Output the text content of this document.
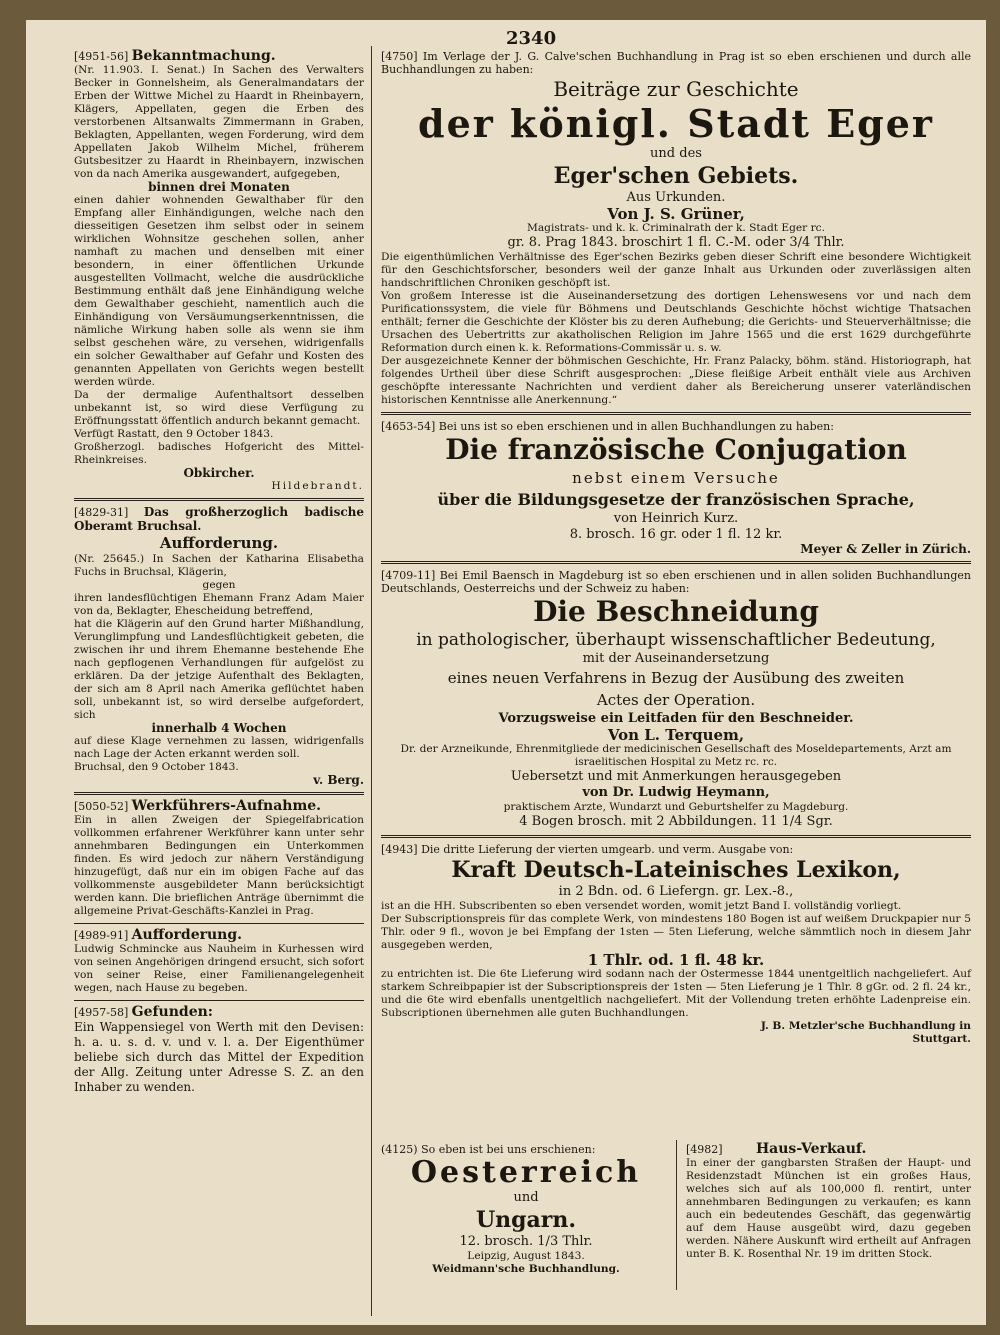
2340

[4951-56] Bekanntmachung.

(Nr. 11.903. I. Senat.) In Sachen des Verwalters Becker in Gonnelsheim, als Generalmandatars der Erben der Wittwe Michel zu Haardt in Rheinbayern, Klägers, Appellaten, gegen die Erben des verstorbenen Altsanwalts Zimmermann in Graben, Beklagten, Appellanten, wegen Forderung, wird dem Appellaten Jakob Wilhelm Michel, früherem Gutsbesitzer zu Haardt in Rheinbayern, inzwischen von da nach Amerika ausgewandert, aufgegeben,

binnen drei Monaten

einen dahier wohnenden Gewalthaber für den Empfang aller Einhändigungen, welche nach den diesseitigen Gesetzen ihm selbst oder in seinem wirklichen Wohnsitze geschehen sollen, anher namhaft zu machen und denselben mit einer besondern, in einer öffentlichen Urkunde ausgestellten Vollmacht, welche die ausdrückliche Bestimmung enthält daß jene Einhändigung welche dem Gewalthaber geschieht, namentlich auch die Einhändigung von Versäumungserkenntnissen, die nämliche Wirkung haben solle als wenn sie ihm selbst geschehen wäre, zu versehen, widrigenfalls ein solcher Gewalthaber auf Gefahr und Kosten des genannten Appellaten von Gerichts wegen bestellt werden würde.

Da der dermalige Aufenthaltsort desselben unbekannt ist, so wird diese Verfügung zu Eröffnungsstatt öffentlich andurch bekannt gemacht.

Verfügt Rastatt, den 9 October 1843.

Großherzogl. badisches Hofgericht des Mittel-Rheinkreises.

Obkircher.

Hildebrandt.

[4829-31] Das großherzoglich badische Oberamt Bruchsal.

Aufforderung.

(Nr. 25645.) In Sachen der Katharina Elisabetha Fuchs in Bruchsal, Klägerin,

gegen

ihren landesflüchtigen Ehemann Franz Adam Maier von da, Beklagter, Ehescheidung betreffend,

hat die Klägerin auf den Grund harter Mißhandlung, Verunglimpfung und Landesflüchtigkeit gebeten, die zwischen ihr und ihrem Ehemanne bestehende Ehe nach gepflogenen Verhandlungen für aufgelöst zu erklären. Da der jetzige Aufenthalt des Beklagten, der sich am 8 April nach Amerika geflüchtet haben soll, unbekannt ist, so wird derselbe aufgefordert, sich

innerhalb 4 Wochen

auf diese Klage vernehmen zu lassen, widrigenfalls nach Lage der Acten erkannt werden soll.

Bruchsal, den 9 October 1843.

v. Berg.

[5050-52] Werkführers-Aufnahme.

Ein in allen Zweigen der Spiegelfabrication vollkommen erfahrener Werkführer kann unter sehr annehmbaren Bedingungen ein Unterkommen finden. Es wird jedoch zur nähern Verständigung hinzugefügt, daß nur ein im obigen Fache auf das vollkommenste ausgebildeter Mann berücksichtigt werden kann. Die brieflichen Anträge übernimmt die allgemeine Privat-Geschäfts-Kanzlei in Prag.

[4989-91] Aufforderung.

Ludwig Schmincke aus Nauheim in Kurhessen wird von seinen Angehörigen dringend ersucht, sich sofort von seiner Reise, einer Familienangelegenheit wegen, nach Hause zu begeben.

[4957-58] Gefunden:

Ein Wappensiegel von Werth mit den Devisen: h. a. u. s. d. v. und v. l. a. Der Eigenthümer beliebe sich durch das Mittel der Expedition der Allg. Zeitung unter Adresse S. Z. an den Inhaber zu wenden.

[4750] Im Verlage der J. G. Calve'schen Buchhandlung in Prag ist so eben erschienen und durch alle Buchhandlungen zu haben:

Beiträge zur Geschichte

der königl. Stadt Eger

und des

Eger'schen Gebiets.

Aus Urkunden.

Von J. S. Grüner,

Magistrats- und k. k. Criminalrath der k. Stadt Eger rc.

gr. 8. Prag 1843. broschirt 1 fl. C.-M. oder 3/4 Thlr.

Die eigenthümlichen Verhältnisse des Eger'schen Bezirks geben dieser Schrift eine besondere Wichtigkeit für den Geschichtsforscher, besonders weil der ganze Inhalt aus Urkunden oder zuverlässigen alten handschriftlichen Chroniken geschöpft ist.

Von großem Interesse ist die Auseinandersetzung des dortigen Lehenswesens vor und nach dem Purificationssystem, die viele für Böhmens und Deutschlands Geschichte höchst wichtige Thatsachen enthält; ferner die Geschichte der Klöster bis zu deren Aufhebung; die Gerichts- und Steuerverhältnisse; die Ursachen des Uebertritts zur akatholischen Religion im Jahre 1565 und die erst 1629 durchgeführte Reformation durch einen k. k. Reformations-Commissär u. s. w.

Der ausgezeichnete Kenner der böhmischen Geschichte, Hr. Franz Palacky, böhm. ständ. Historiograph, hat folgendes Urtheil über diese Schrift ausgesprochen: „Diese fleißige Arbeit enthält viele aus Archiven geschöpfte interessante Nachrichten und verdient daher als Bereicherung unserer vaterländischen historischen Kenntnisse alle Anerkennung.“

[4653-54] Bei uns ist so eben erschienen und in allen Buchhandlungen zu haben:

Die französische Conjugation

nebst einem Versuche

über die Bildungsgesetze der französischen Sprache,

von Heinrich Kurz.

8. brosch. 16 gr. oder 1 fl. 12 kr.

Meyer & Zeller in Zürich.

[4709-11] Bei Emil Baensch in Magdeburg ist so eben erschienen und in allen soliden Buchhandlungen Deutschlands, Oesterreichs und der Schweiz zu haben:

Die Beschneidung

in pathologischer, überhaupt wissenschaftlicher Bedeutung,

mit der Auseinandersetzung

eines neuen Verfahrens in Bezug der Ausübung des zweiten

Actes der Operation.

Vorzugsweise ein Leitfaden für den Beschneider.

Von L. Terquem,

Dr. der Arzneikunde, Ehrenmitgliede der medicinischen Gesellschaft des Moseldepartements, Arzt am israelitischen Hospital zu Metz rc. rc.

Uebersetzt und mit Anmerkungen herausgegeben

von Dr. Ludwig Heymann,

praktischem Arzte, Wundarzt und Geburtshelfer zu Magdeburg.

4 Bogen brosch. mit 2 Abbildungen. 11 1/4 Sgr.

[4943] Die dritte Lieferung der vierten umgearb. und verm. Ausgabe von:

Kraft Deutsch-Lateinisches Lexikon,

in 2 Bdn. od. 6 Liefergn. gr. Lex.-8.,

ist an die HH. Subscribenten so eben versendet worden, womit jetzt Band I. vollständig vorliegt.

Der Subscriptionspreis für das complete Werk, von mindestens 180 Bogen ist auf weißem Druckpapier nur 5 Thlr. oder 9 fl., wovon je bei Empfang der 1sten — 5ten Lieferung, welche sämmtlich noch in diesem Jahr ausgegeben werden,

1 Thlr. od. 1 fl. 48 kr.

zu entrichten ist. Die 6te Lieferung wird sodann nach der Ostermesse 1844 unentgeltlich nachgeliefert. Auf starkem Schreibpapier ist der Subscriptionspreis der 1sten — 5ten Lieferung je 1 Thlr. 8 gGr. od. 2 fl. 24 kr., und die 6te wird ebenfalls unentgeltlich nachgeliefert. Mit der Vollendung treten erhöhte Ladenpreise ein. Subscriptionen übernehmen alle guten Buchhandlungen.

J. B. Metzler'sche Buchhandlung in

Stuttgart.

(4125) So eben ist bei uns erschienen:

Oesterreich

und

Ungarn.

12. brosch. 1/3 Thlr.

Leipzig, August 1843.

Weidmann'sche Buchhandlung.

[4982] Haus-Verkauf.

In einer der gangbarsten Straßen der Haupt- und Residenzstadt München ist ein großes Haus, welches sich auf als 100,000 fl. rentirt, unter annehmbaren Bedingungen zu verkaufen; es kann auch ein bedeutendes Geschäft, das gegenwärtig auf dem Hause ausgeübt wird, dazu gegeben werden. Nähere Auskunft wird ertheilt auf Anfragen unter B. K. Rosenthal Nr. 19 im dritten Stock.
